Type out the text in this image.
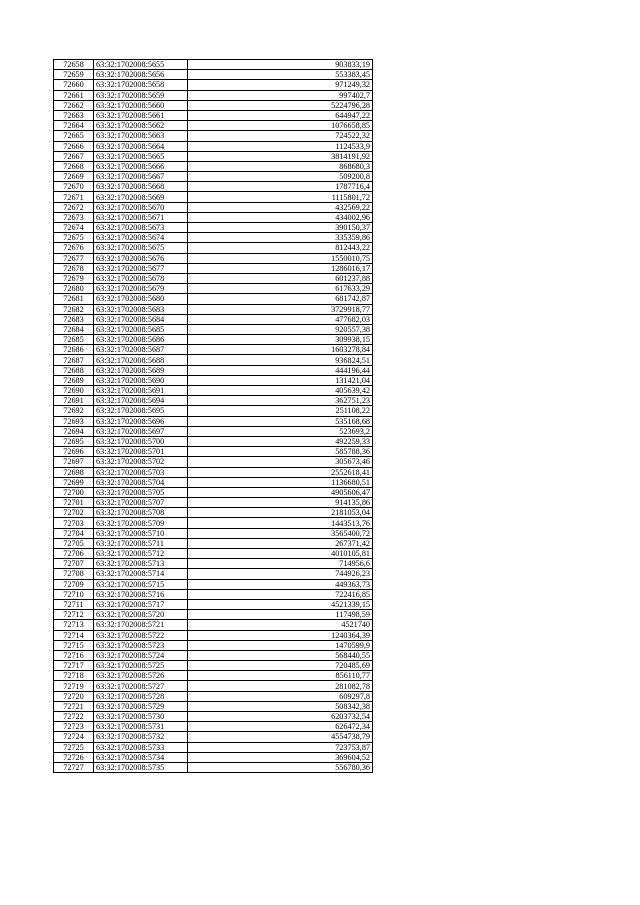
72658	63:32:1702008:5655	903833,19
72659	63:32:1702008:5656	553383,45
72660	63:32:1702008:5658	971249,32
72661	63:32:1702008:5659	997402,7
72662	63:32:1702008:5660	5224796,28
72663	63:32:1702008:5661	644947,22
72664	63:32:1702008:5662	1076658,85
72665	63:32:1702008:5663	724522,32
72666	63:32:1702008:5664	1124533,9
72667	63:32:1702008:5665	3814191,92
72668	63:32:1702008:5666	868680,3
72669	63:32:1702008:5667	509200,8
72670	63:32:1702008:5668	1787716,4
72671	63:32:1702008:5669	1115801,72
72672	63:32:1702008:5670	432569,22
72673	63:32:1702008:5671	434002,96
72674	63:32:1702008:5673	390150,37
72675	63:32:1702008:5674	335359,86
72676	63:32:1702008:5675	812443,22
72677	63:32:1702008:5676	1550010,75
72678	63:32:1702008:5677	1286016,17
72679	63:32:1702008:5678	601237,88
72680	63:32:1702008:5679	617633,29
72681	63:32:1702008:5680	681742,87
72682	63:32:1702008:5683	3729918,77
72683	63:32:1702008:5684	477682,03
72684	63:32:1702008:5685	920557,38
72685	63:32:1702008:5686	309938,15
72686	63:32:1702008:5687	1603278,84
72687	63:32:1702008:5688	936824,51
72688	63:32:1702008:5689	444196,44
72689	63:32:1702008:5690	131421,04
72690	63:32:1702008:5691	405639,42
72691	63:32:1702008:5694	362751,23
72692	63:32:1702008:5695	251108,22
72693	63:32:1702008:5696	535168,68
72694	63:32:1702008:5697	523693,2
72695	63:32:1702008:5700	492259,33
72696	63:32:1702008:5701	585788,36
72697	63:32:1702008:5702	305673,46
72698	63:32:1702008:5703	2552618,41
72699	63:32:1702008:5704	1136680,51
72700	63:32:1702008:5705	4905606,47
72701	63:32:1702008:5707	914135,86
72702	63:32:1702008:5708	2181053,04
72703	63:32:1702008:5709	1443513,76
72704	63:32:1702008:5710	3565400,72
72705	63:32:1702008:5711	267371,42
72706	63:32:1702008:5712	4010105,81
72707	63:32:1702008:5713	714956,6
72708	63:32:1702008:5714	744926,23
72709	63:32:1702008:5715	449363,73
72710	63:32:1702008:5716	722416,85
72711	63:32:1702008:5717	4521339,15
72712	63:32:1702008:5720	117498,59
72713	63:32:1702008:5721	4521740
72714	63:32:1702008:5722	1240364,39
72715	63:32:1702008:5723	1470599,9
72716	63:32:1702008:5724	568440,55
72717	63:32:1702008:5725	720485,69
72718	63:32:1702008:5726	856110,77
72719	63:32:1702008:5727	281082,78
72720	63:32:1702008:5728	609297,8
72721	63:32:1702008:5729	508342,38
72722	63:32:1702008:5730	6203732,54
72723	63:32:1702008:5731	626472,34
72724	63:32:1702008:5732	4554738,79
72725	63:32:1702008:5733	723753,87
72726	63:32:1702008:5734	369604,52
72727	63:32:1702008:5735	556780,36
